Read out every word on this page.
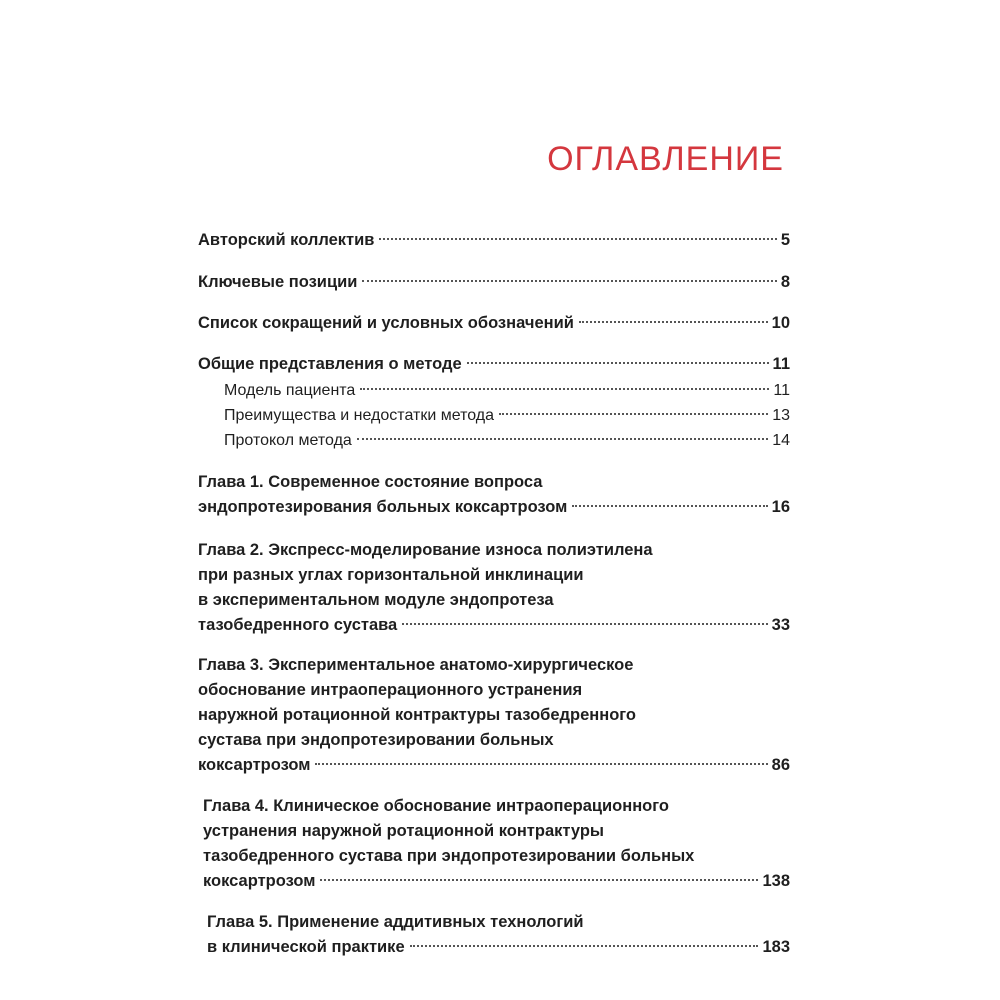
ОГЛАВЛЕНИЕ
Авторский коллектив	5
Ключевые позиции	8
Список сокращений и условных обозначений	10
Общие представления о методе	11
Модель пациента	11
Преимущества и недостатки метода	13
Протокол метода	14
Глава 1. Современное состояние вопроса
эндопротезирования больных коксартрозом	16
Глава 2. Экспресс-моделирование износа полиэтилена
при разных углах горизонтальной инклинации
в экспериментальном модуле эндопротеза
тазобедренного сустава	33
Глава 3. Экспериментальное анатомо-хирургическое
обоснование интраоперационного устранения
наружной ротационной контрактуры тазобедренного
сустава при эндопротезировании больных
коксартрозом	86
Глава 4. Клиническое обоснование интраоперационного
устранения наружной ротационной контрактуры
тазобедренного сустава при эндопротезировании больных
коксартрозом	138
Глава 5. Применение аддитивных технологий
в клинической практике	183
